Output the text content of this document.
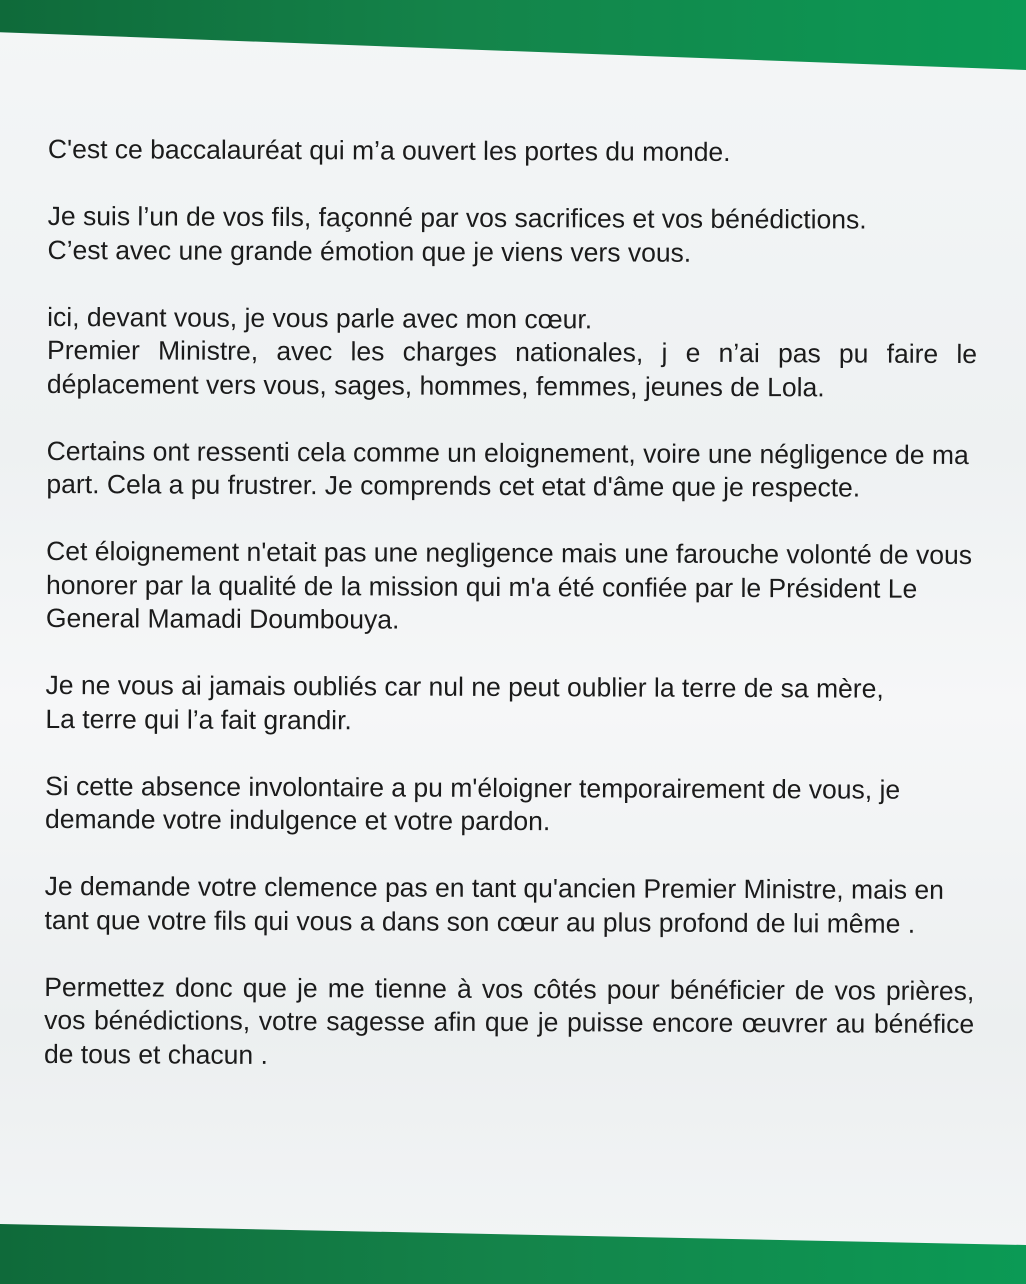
C'est ce baccalauréat qui m’a ouvert les portes du monde.

Je suis l’un de vos fils, façonné par vos sacrifices et vos bénédictions.
C’est avec une grande émotion que je viens vers vous.

ici, devant vous, je vous parle avec mon cœur.
Premier Ministre, avec les charges nationales, j e n’ai pas pu faire le déplacement vers vous, sages, hommes, femmes, jeunes de Lola.

Certains ont ressenti cela comme un eloignement, voire une négligence de ma part. Cela a pu frustrer. Je comprends cet etat d'âme que je respecte.

Cet éloignement n'etait pas une negligence mais une farouche volonté de vous honorer par la qualité de la mission qui m'a été confiée par le Président Le General Mamadi Doumbouya.

Je ne vous ai jamais oubliés car nul ne peut oublier la terre de sa mère,
La terre qui l’a fait grandir.

Si cette absence involontaire a pu m'éloigner temporairement de vous, je demande votre indulgence et votre pardon.

Je demande votre clemence pas en tant qu'ancien Premier Ministre, mais en tant que votre fils qui vous a dans son cœur au plus profond de lui même .

Permettez donc que je me tienne à vos côtés pour bénéficier de vos prières, vos bénédictions, votre sagesse afin que je puisse encore œuvrer au bénéfice de tous et chacun .
